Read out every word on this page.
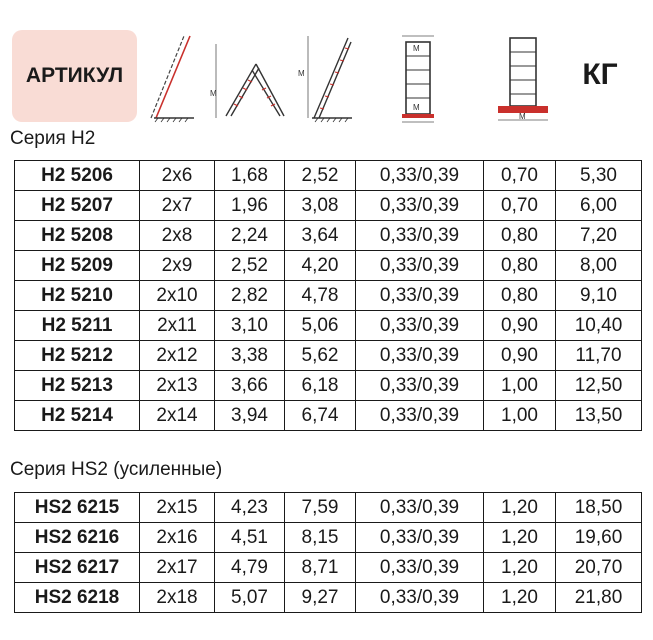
АРТИКУЛ
M
M
M
M
M
КГ
Серия H2
H2 5206	2x6	1,68	2,52	0,33/0,39	0,70	5,30
H2 5207	2x7	1,96	3,08	0,33/0,39	0,70	6,00
H2 5208	2x8	2,24	3,64	0,33/0,39	0,80	7,20
H2 5209	2x9	2,52	4,20	0,33/0,39	0,80	8,00
H2 5210	2x10	2,82	4,78	0,33/0,39	0,80	9,10
H2 5211	2x11	3,10	5,06	0,33/0,39	0,90	10,40
H2 5212	2x12	3,38	5,62	0,33/0,39	0,90	11,70
H2 5213	2x13	3,66	6,18	0,33/0,39	1,00	12,50
H2 5214	2x14	3,94	6,74	0,33/0,39	1,00	13,50
Серия HS2 (усиленные)
HS2 6215	2x15	4,23	7,59	0,33/0,39	1,20	18,50
HS2 6216	2x16	4,51	8,15	0,33/0,39	1,20	19,60
HS2 6217	2x17	4,79	8,71	0,33/0,39	1,20	20,70
HS2 6218	2x18	5,07	9,27	0,33/0,39	1,20	21,80
